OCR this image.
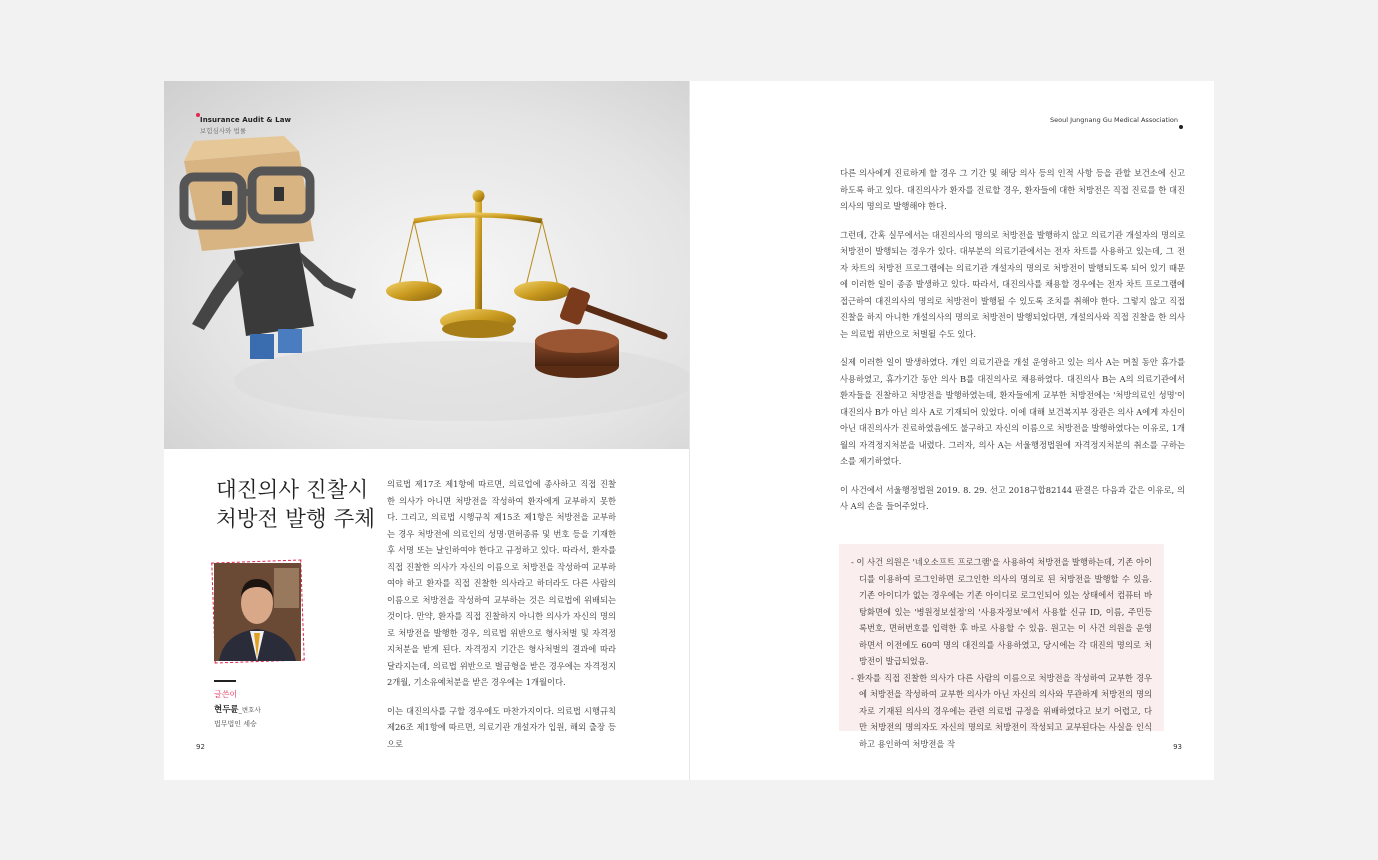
Insurance Audit & Law
보험심사와 법률
대진의사 진찰시
처방전 발행 주체
글쓴이
현두륜_변호사
법무법인 세승

의료법 제17조 제1항에 따르면, 의료업에 종사하고 직접 진찰한 의사가 아니면 처방전을 작성하여 환자에게 교부하지 못한다. 그리고, 의료법 시행규칙 제15조 제1항은 처방전을 교부하는 경우 처방전에 의료인의 성명·면허종류 및 번호 등을 기재한 후 서명 또는 날인하여야 한다고 규정하고 있다. 따라서, 환자를 직접 진찰한 의사가 자신의 이름으로 처방전을 작성하여 교부하여야 하고 환자를 직접 진찰한 의사라고 하더라도 다른 사람의 이름으로 처방전을 작성하여 교부하는 것은 의료법에 위배되는 것이다. 만약, 환자를 직접 진찰하지 아니한 의사가 자신의 명의로 처방전을 발행한 경우, 의료법 위반으로 형사처벌 및 자격정지처분을 받게 된다. 자격정지 기간은 형사처벌의 결과에 따라 달라지는데, 의료법 위반으로 벌금형을 받은 경우에는 자격정지 2개월, 기소유예처분을 받은 경우에는 1개월이다.

이는 대진의사를 구할 경우에도 마찬가지이다. 의료법 시행규칙 제26조 제1항에 따르면, 의료기관 개설자가 입원, 해외 출장 등으로

92
Seoul Jungnang Gu Medical Association

다른 의사에게 진료하게 할 경우 그 기간 및 해당 의사 등의 인적 사항 등을 관할 보건소에 신고하도록 하고 있다. 대진의사가 환자를 진료할 경우, 환자들에 대한 처방전은 직접 진료를 한 대진의사의 명의로 발행해야 한다.

그런데, 간혹 실무에서는 대진의사의 명의로 처방전을 발행하지 않고 의료기관 개설자의 명의로 처방전이 발행되는 경우가 있다. 대부분의 의료기관에서는 전자 차트를 사용하고 있는데, 그 전자 차트의 처방전 프로그램에는 의료기관 개설자의 명의로 처방전이 발행되도록 되어 있기 때문에 이러한 일이 종종 발생하고 있다. 따라서, 대진의사를 채용할 경우에는 전자 차트 프로그램에 접근하여 대진의사의 명의로 처방전이 발행될 수 있도록 조치를 취해야 한다. 그렇지 않고 직접 진찰을 하지 아니한 개설의사의 명의로 처방전이 발행되었다면, 개설의사와 직접 진찰을 한 의사는 의료법 위반으로 처벌될 수도 있다.

실제 이러한 일이 발생하였다. 개인 의료기관을 개설 운영하고 있는 의사 A는 며칠 동안 휴가를 사용하였고, 휴가기간 동안 의사 B를 대진의사로 채용하였다. 대진의사 B는 A의 의료기관에서 환자들을 진찰하고 처방전을 발행하였는데, 환자들에게 교부한 처방전에는 '처방의료인 성명'이 대진의사 B가 아닌 의사 A로 기재되어 있었다. 이에 대해 보건복지부 장관은 의사 A에게 자신이 아닌 대진의사가 진료하였음에도 불구하고 자신의 이름으로 처방전을 발행하였다는 이유로, 1개월의 자격정지처분을 내렸다. 그러자, 의사 A는 서울행정법원에 자격정지처분의 취소를 구하는 소를 제기하였다.

이 사건에서 서울행정법원 2019. 8. 29. 선고 2018구합82144 판결은 다음과 같은 이유로, 의사 A의 손을 들어주었다.

- 이 사건 의원은 '네오소프트 프로그램'을 사용하여 처방전을 발행하는데, 기존 아이디를 이용하여 로그인하면 로그인한 의사의 명의로 된 처방전을 발행할 수 있음. 기존 아이디가 없는 경우에는 기존 아이디로 로그인되어 있는 상태에서 컴퓨터 바탕화면에 있는 '병원정보설정'의 '사용자정보'에서 사용할 신규 ID, 이름, 주민등록번호, 면허번호를 입력한 후 바로 사용할 수 있음. 원고는 이 사건 의원을 운영하면서 이전에도 60여 명의 대진의를 사용하였고, 당시에는 각 대진의 명의로 처방전이 발급되었음.
- 환자를 직접 진찰한 의사가 다른 사람의 이름으로 처방전을 작성하여 교부한 경우에 처방전을 작성하여 교부한 의사가 아닌 자신의 의사와 무관하게 처방전의 명의자로 기재된 의사의 경우에는 관련 의료법 규정을 위배하였다고 보기 어렵고, 다만 처방전의 명의자도 자신의 명의로 처방전이 작성되고 교부된다는 사실을 인식하고 용인하여 처방전을 작	93
